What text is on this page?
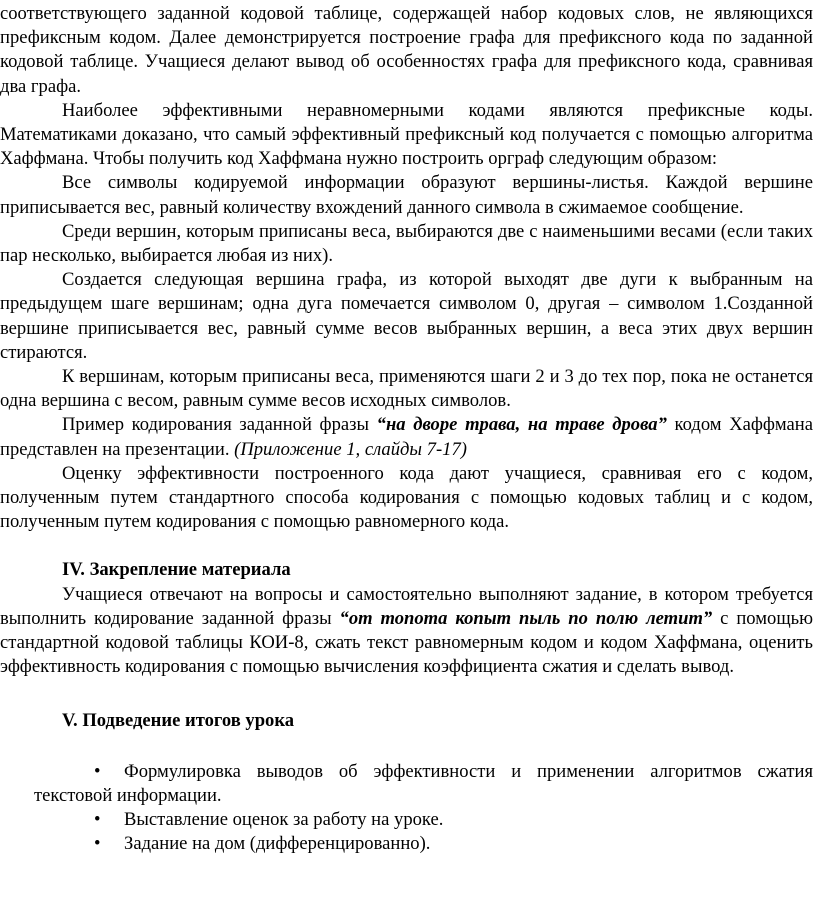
соответствующего заданной кодовой таблице, содержащей набор кодовых слов, не являющихся префиксным кодом. Далее демонстрируется построение графа для префиксного кода по заданной кодовой таблице. Учащиеся делают вывод об особенностях графа для префиксного кода, сравнивая два графа.

Наиболее эффективными неравномерными кодами являются префиксные коды. Математиками доказано, что самый эффективный префиксный код получается с помощью алгоритма Хаффмана. Чтобы получить код Хаффмана нужно построить орграф следующим образом:

Все символы кодируемой информации образуют вершины-листья. Каждой вершине приписывается вес, равный количеству вхождений данного символа в сжимаемое сообщение.

Среди вершин, которым приписаны веса, выбираются две с наименьшими весами (если таких пар несколько, выбирается любая из них).

Создается следующая вершина графа, из которой выходят две дуги к выбранным на предыдущем шаге вершинам; одна дуга помечается символом 0, другая – символом 1.Созданной вершине приписывается вес, равный сумме весов выбранных вершин, а веса этих двух вершин стираются.

К вершинам, которым приписаны веса, применяются шаги 2 и 3 до тех пор, пока не останется одна вершина с весом, равным сумме весов исходных символов.

Пример кодирования заданной фразы “на дворе трава, на траве дрова” кодом Хаффмана представлен на презентации. (Приложение 1, слайды 7-17)

Оценку эффективности построенного кода дают учащиеся, сравнивая его с кодом, полученным путем стандартного способа кодирования с помощью кодовых таблиц и с кодом, полученным путем кодирования с помощью равномерного кода.

IV. Закрепление материала

Учащиеся отвечают на вопросы и самостоятельно выполняют задание, в котором требуется выполнить кодирование заданной фразы “от топота копыт пыль по полю летит” с помощью стандартной кодовой таблицы КОИ-8, сжать текст равномерным кодом и кодом Хаффмана, оценить эффективность кодирования с помощью вычисления коэффициента сжатия и сделать вывод.

V. Подведение итогов урока
•	Формулировка выводов об эффективности и применении алгоритмов сжатия текстовой информации.
•	Выставление оценок за работу на уроке.
•	Задание на дом (дифференцированно).
